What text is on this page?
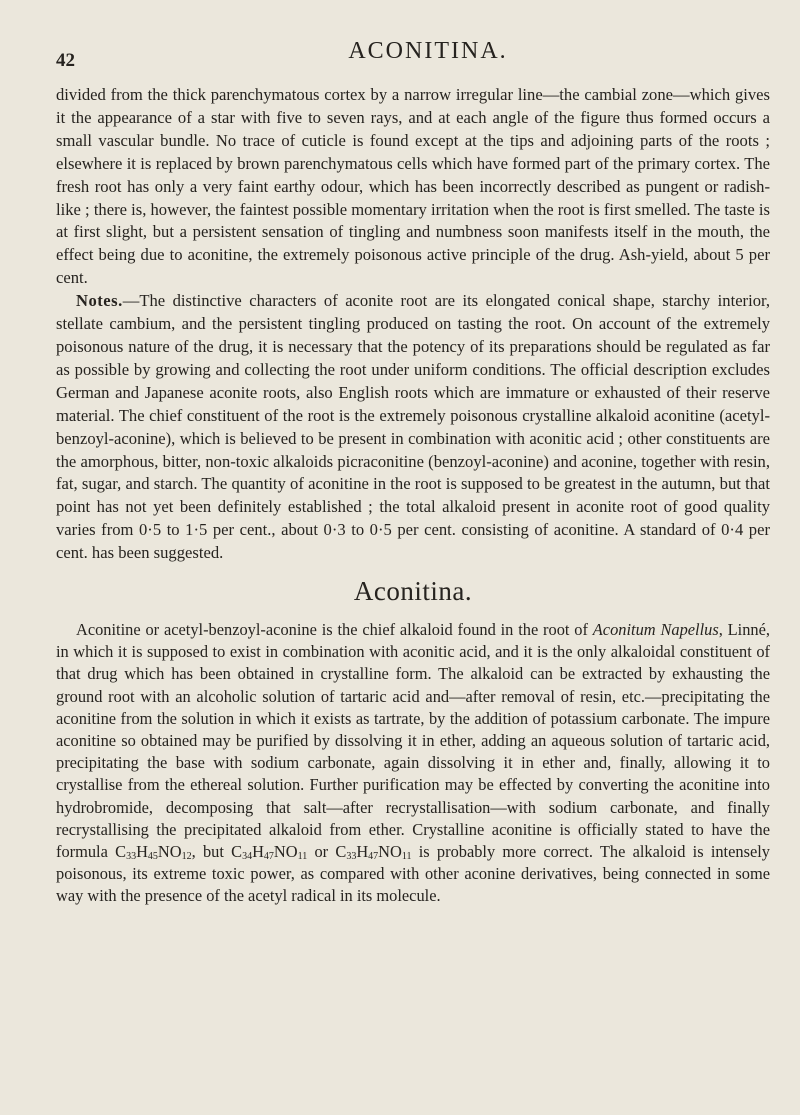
42	ACONITINA.

divided from the thick parenchymatous cortex by a narrow irregular line—the cambial zone—which gives it the appearance of a star with five to seven rays, and at each angle of the figure thus formed occurs a small vascular bundle. No trace of cuticle is found except at the tips and adjoining parts of the roots ; elsewhere it is replaced by brown parenchymatous cells which have formed part of the primary cortex. The fresh root has only a very faint earthy odour, which has been incorrectly described as pungent or radish-like ; there is, however, the faintest possible momentary irritation when the root is first smelled. The taste is at first slight, but a persistent sensation of tingling and numbness soon manifests itself in the mouth, the effect being due to aconitine, the extremely poisonous active principle of the drug. Ash-yield, about 5 per cent.

Notes.—The distinctive characters of aconite root are its elongated conical shape, starchy interior, stellate cambium, and the persistent tingling produced on tasting the root. On account of the extremely poisonous nature of the drug, it is necessary that the potency of its preparations should be regulated as far as possible by growing and collecting the root under uniform conditions. The official description excludes German and Japanese aconite roots, also English roots which are immature or exhausted of their reserve material. The chief constituent of the root is the extremely poisonous crystalline alkaloid aconitine (acetyl-benzoyl-aconine), which is believed to be present in combination with aconitic acid ; other constituents are the amorphous, bitter, non-toxic alkaloids picraconitine (benzoyl-aconine) and aconine, together with resin, fat, sugar, and starch. The quantity of aconitine in the root is supposed to be greatest in the autumn, but that point has not yet been definitely established ; the total alkaloid present in aconite root of good quality varies from 0·5 to 1·5 per cent., about 0·3 to 0·5 per cent. consisting of aconitine. A standard of 0·4 per cent. has been suggested.

Aconitina.

Aconitine or acetyl-benzoyl-aconine is the chief alkaloid found in the root of Aconitum Napellus, Linné, in which it is supposed to exist in combination with aconitic acid, and it is the only alkaloidal constituent of that drug which has been obtained in crystalline form. The alkaloid can be extracted by exhausting the ground root with an alcoholic solution of tartaric acid and—after removal of resin, etc.—precipitating the aconitine from the solution in which it exists as tartrate, by the addition of potassium carbonate. The impure aconitine so obtained may be purified by dissolving it in ether, adding an aqueous solution of tartaric acid, precipitating the base with sodium carbonate, again dissolving it in ether and, finally, allowing it to crystallise from the ethereal solution. Further purification may be effected by converting the aconitine into hydrobromide, decomposing that salt—after recrystallisation—with sodium carbonate, and finally recrystallising the precipitated alkaloid from ether. Crystalline aconitine is officially stated to have the formula $C_{33}H_{45}NO_{12}$, but $C_{34}H_{47}NO_{11}$ or $C_{33}H_{47}NO_{11}$ is probably more correct. The alkaloid is intensely poisonous, its extreme toxic power, as compared with other aconine derivatives, being connected in some way with the presence of the acetyl radical in its molecule.
